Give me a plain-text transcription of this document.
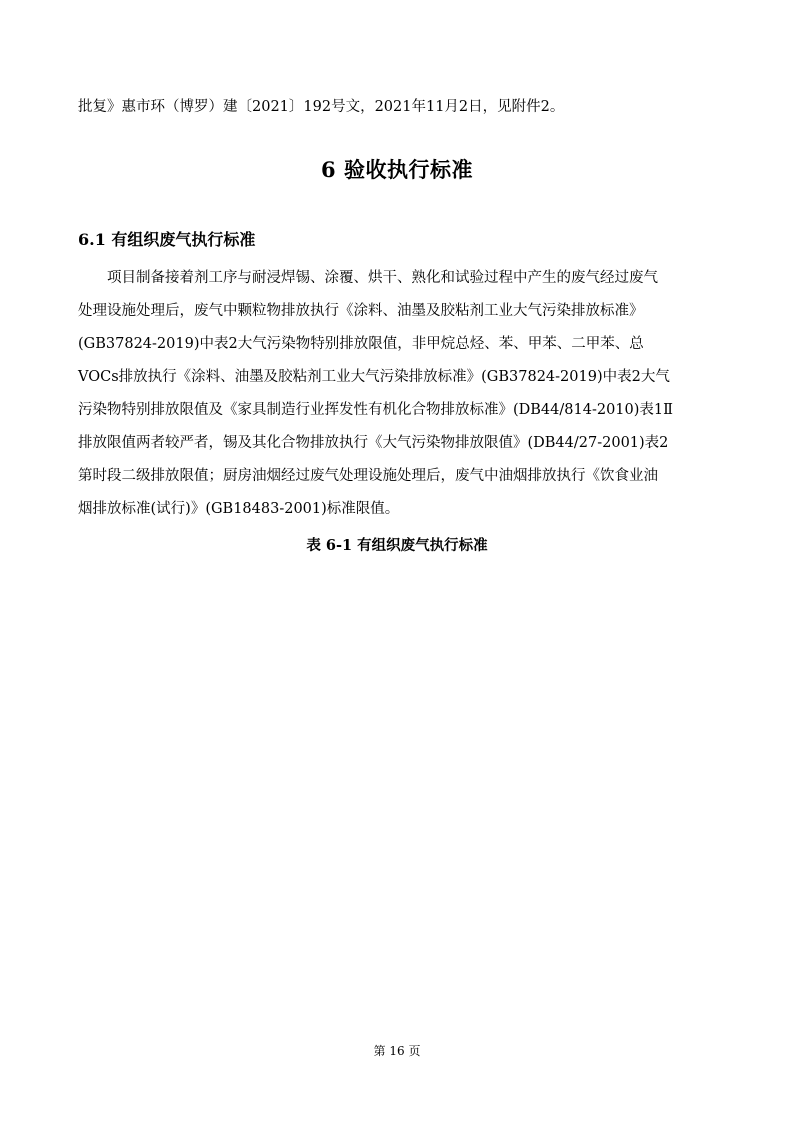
批复》惠市环（博罗）建〔2021〕192号文，2021年11月2日，见附件2。
6 验收执行标准
6.1 有组织废气执行标准
项目制备接着剂工序与耐浸焊锡、涂覆、烘干、熟化和试验过程中产生的废气经过废气
处理设施处理后，废气中颗粒物排放执行《涂料、油墨及胶粘剂工业大气污染排放标准》
(GB37824-2019)中表2大气污染物特别排放限值，非甲烷总烃、苯、甲苯、二甲苯、总
VOCs排放执行《涂料、油墨及胶粘剂工业大气污染排放标准》(GB37824-2019)中表2大气
污染物特别排放限值及《家具制造行业挥发性有机化合物排放标准》(DB44/814-2010)表1Ⅱ
排放限值两者较严者，锡及其化合物排放执行《大气污染物排放限值》(DB44/27-2001)表2
第时段二级排放限值；厨房油烟经过废气处理设施处理后，废气中油烟排放执行《饮食业油
烟排放标准(试行)》(GB18483-2001)标准限值。
表 6-1 有组织废气执行标准
第 16 页
